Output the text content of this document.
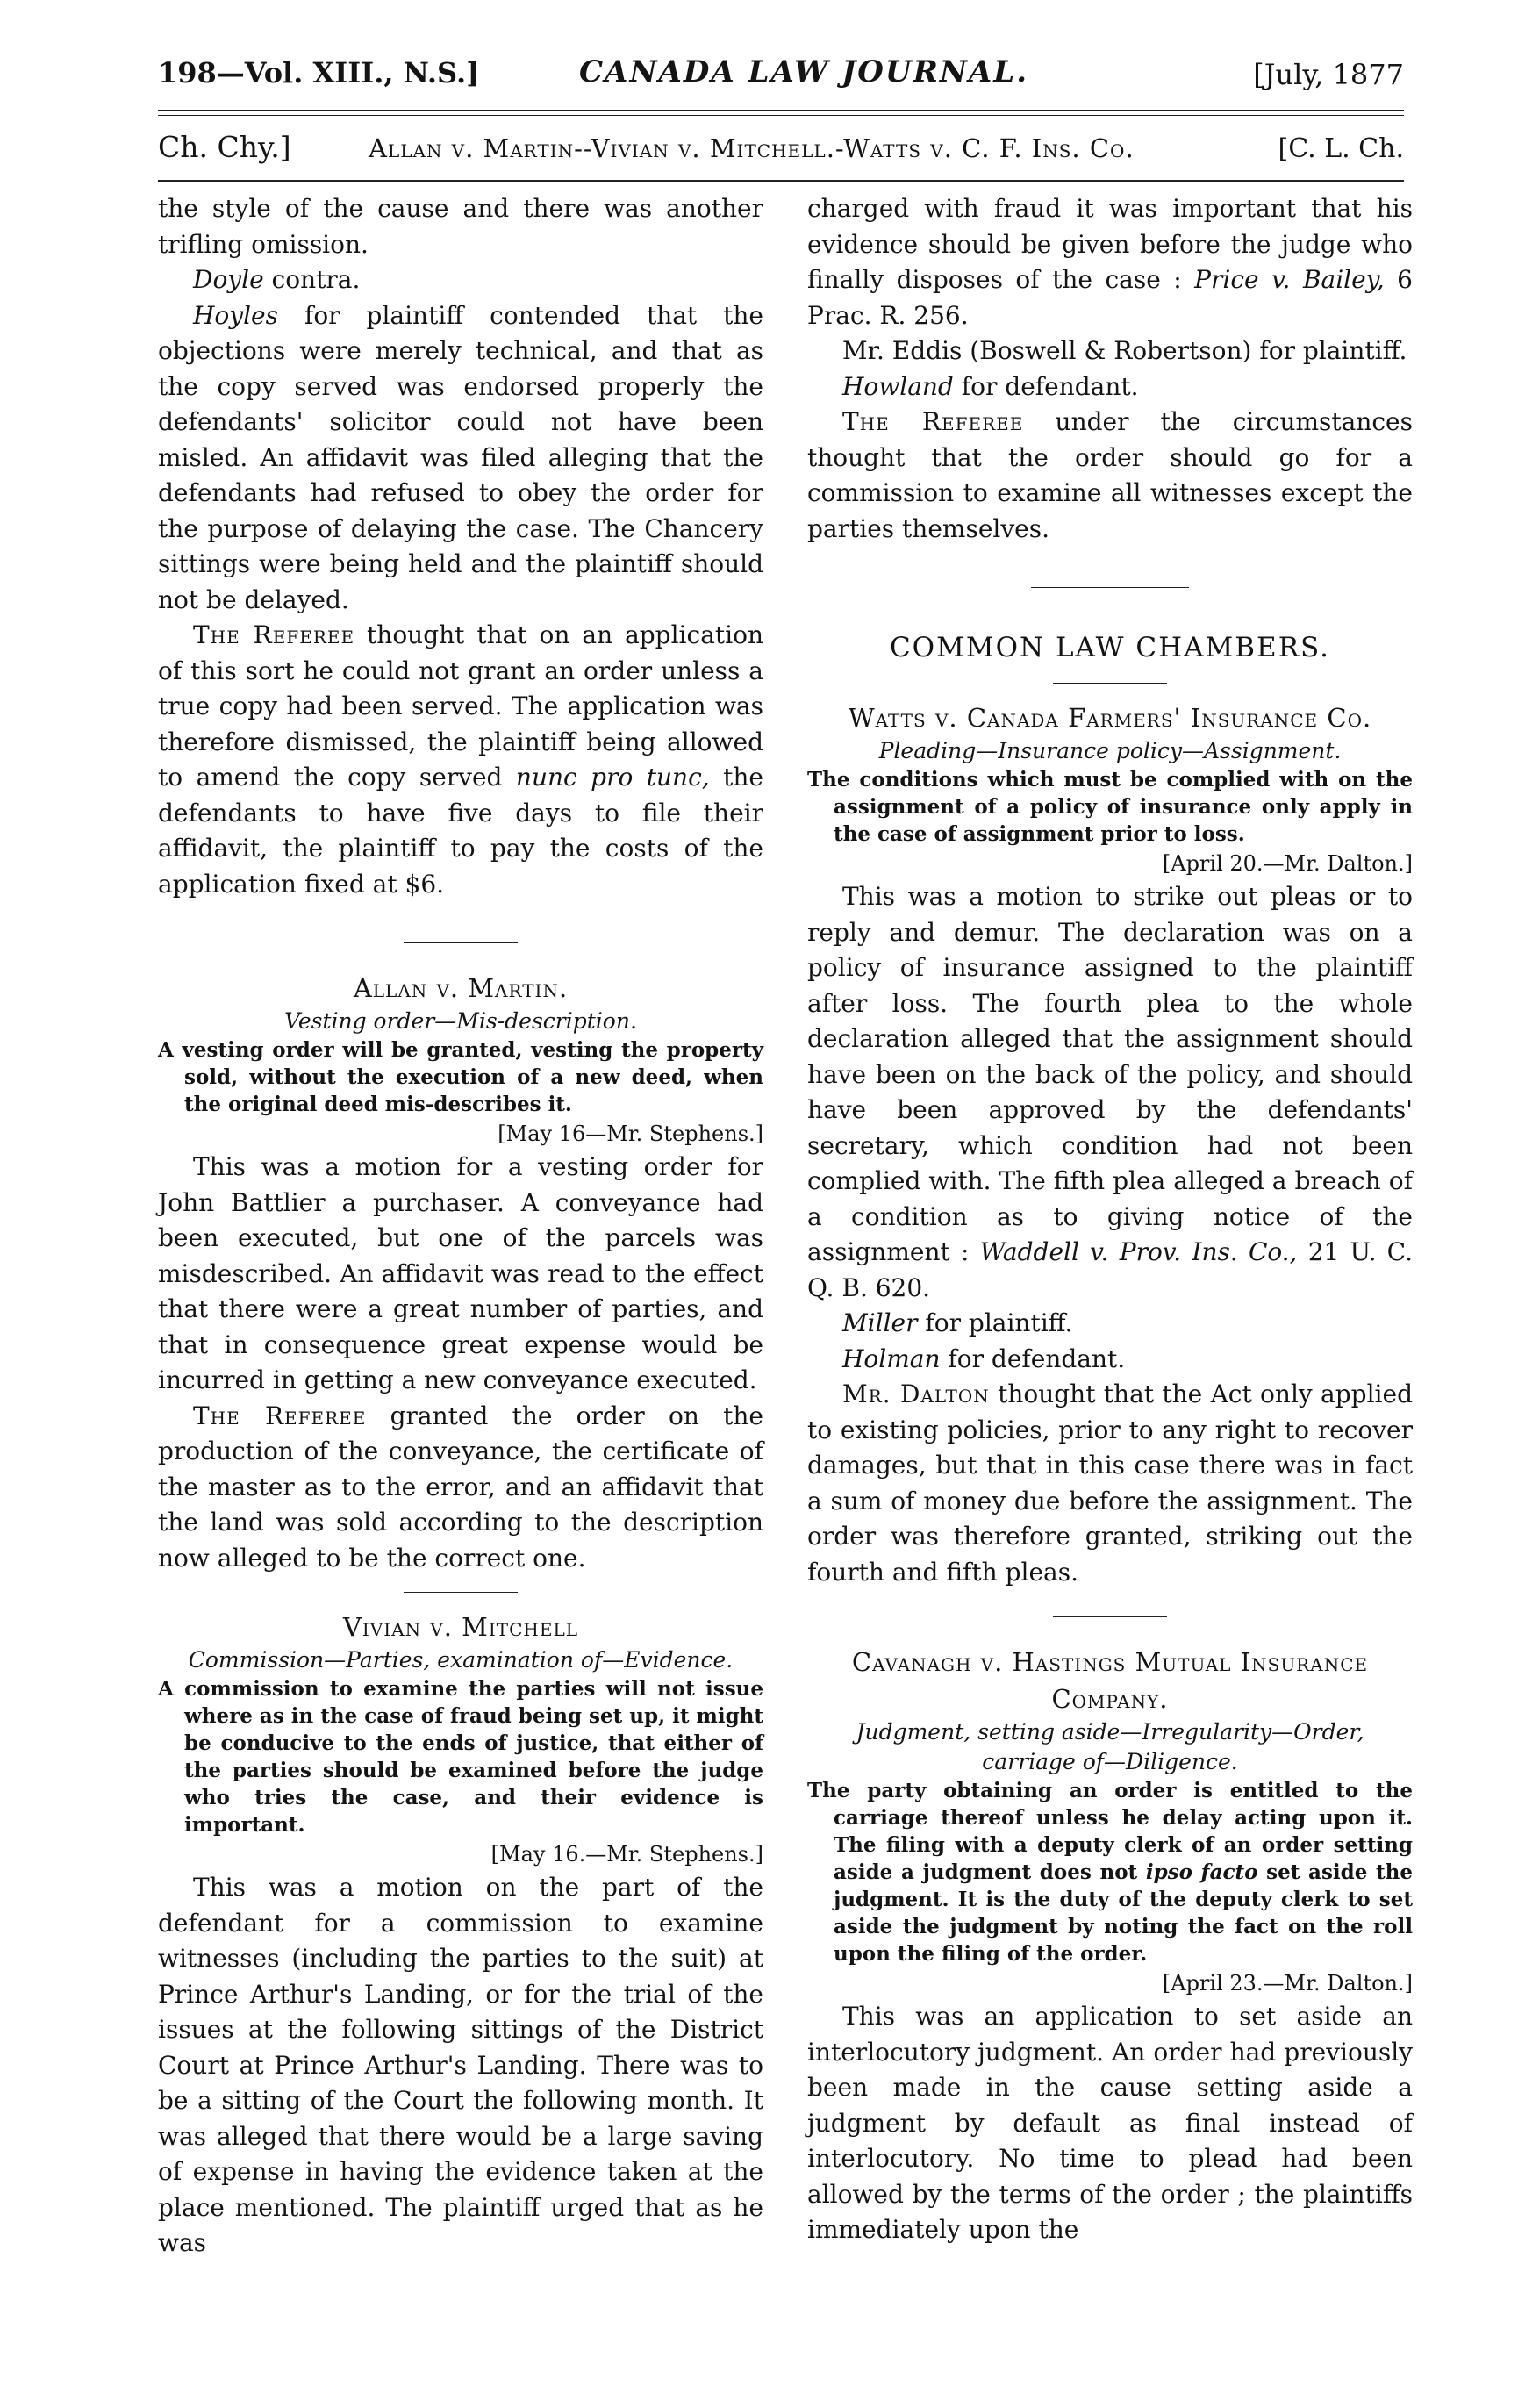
198—Vol. XIII., N.S.]	CANADA LAW JOURNAL.	[July, 1877
Ch. Chy.]	Allan v. Martin--Vivian v. Mitchell.-Watts v. C. F. Ins. Co.	[C. L. Ch.

the style of the cause and there was another trifling omission.

Doyle contra.

Hoyles for plaintiff contended that the objections were merely technical, and that as the copy served was endorsed properly the defendants' solicitor could not have been misled. An affidavit was filed alleging that the defendants had refused to obey the order for the purpose of delaying the case. The Chancery sittings were being held and the plaintiff should not be delayed.

The Referee thought that on an application of this sort he could not grant an order unless a true copy had been served. The application was therefore dismissed, the plaintiff being allowed to amend the copy served nunc pro tunc, the defendants to have five days to file their affidavit, the plaintiff to pay the costs of the application fixed at $6.

Allan v. Martin.

Vesting order—Mis-description.

A vesting order will be granted, vesting the property sold, without the execution of a new deed, when the original deed mis-describes it.

[May 16—Mr. Stephens.]

This was a motion for a vesting order for John Battlier a purchaser. A conveyance had been executed, but one of the parcels was misdescribed. An affidavit was read to the effect that there were a great number of parties, and that in consequence great expense would be incurred in getting a new conveyance executed.

The Referee granted the order on the production of the conveyance, the certificate of the master as to the error, and an affidavit that the land was sold according to the description now alleged to be the correct one.

Vivian v. Mitchell

Commission—Parties, examination of—Evidence.

A commission to examine the parties will not issue where as in the case of fraud being set up, it might be conducive to the ends of justice, that either of the parties should be examined before the judge who tries the case, and their evidence is important.

[May 16.—Mr. Stephens.]

This was a motion on the part of the defendant for a commission to examine witnesses (including the parties to the suit) at Prince Arthur's Landing, or for the trial of the issues at the following sittings of the District Court at Prince Arthur's Landing. There was to be a sitting of the Court the following month. It was alleged that there would be a large saving of expense in having the evidence taken at the place mentioned. The plaintiff urged that as he was

charged with fraud it was important that his evidence should be given before the judge who finally disposes of the case : Price v. Bailey, 6 Prac. R. 256.

Mr. Eddis (Boswell & Robertson) for plaintiff.

Howland for defendant.

The Referee under the circumstances thought that the order should go for a commission to examine all witnesses except the parties themselves.

COMMON LAW CHAMBERS.

Watts v. Canada Farmers' Insurance Co.

Pleading—Insurance policy—Assignment.

The conditions which must be complied with on the assignment of a policy of insurance only apply in the case of assignment prior to loss.

[April 20.—Mr. Dalton.]

This was a motion to strike out pleas or to reply and demur. The declaration was on a policy of insurance assigned to the plaintiff after loss. The fourth plea to the whole declaration alleged that the assignment should have been on the back of the policy, and should have been approved by the defendants' secretary, which condition had not been complied with. The fifth plea alleged a breach of a condition as to giving notice of the assignment : Waddell v. Prov. Ins. Co., 21 U. C. Q. B. 620.

Miller for plaintiff.

Holman for defendant.

Mr. Dalton thought that the Act only applied to existing policies, prior to any right to recover damages, but that in this case there was in fact a sum of money due before the assignment. The order was therefore granted, striking out the fourth and fifth pleas.

Cavanagh v. Hastings Mutual Insurance Company.

Judgment, setting aside—Irregularity—Order, carriage of—Diligence.

The party obtaining an order is entitled to the carriage thereof unless he delay acting upon it. The filing with a deputy clerk of an order setting aside a judgment does not ipso facto set aside the judgment. It is the duty of the deputy clerk to set aside the judgment by noting the fact on the roll upon the filing of the order.

[April 23.—Mr. Dalton.]

This was an application to set aside an interlocutory judgment. An order had previously been made in the cause setting aside a judgment by default as final instead of interlocutory. No time to plead had been allowed by the terms of the order ; the plaintiffs immediately upon the
